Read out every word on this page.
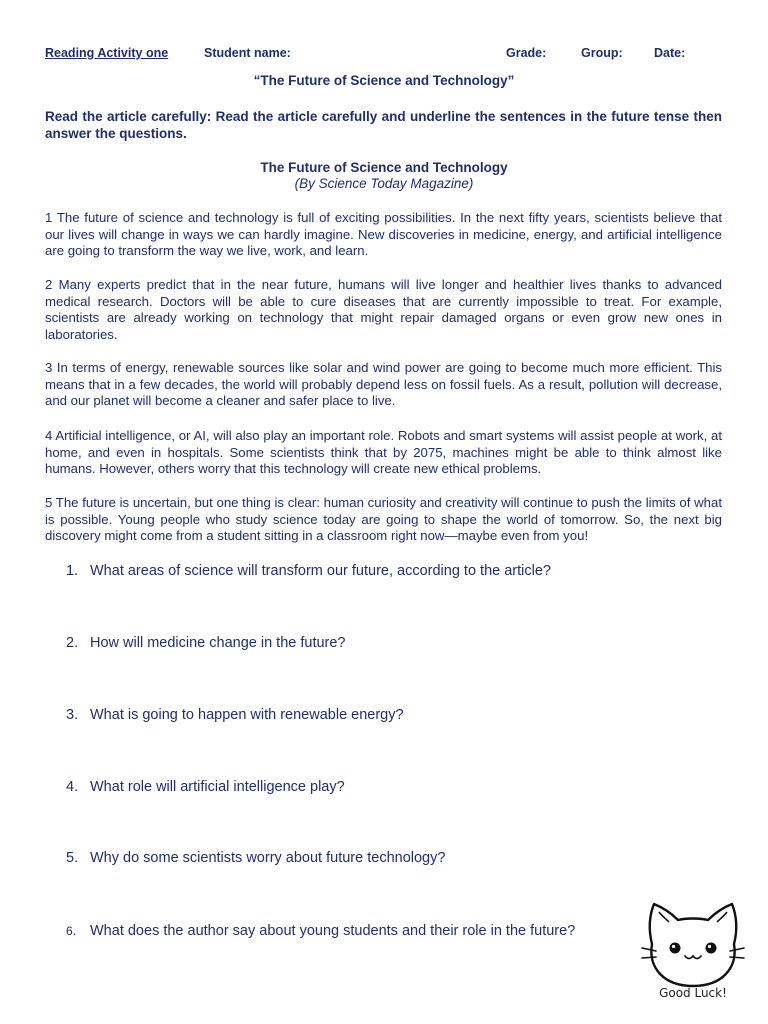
Reading Activity one	Student name:	Grade:	Group:	Date:
“The Future of Science and Technology”
Read the article carefully: Read the article carefully and underline the sentences in the future tense then answer the questions.
The Future of Science and Technology
(By Science Today Magazine)

1 The future of science and technology is full of exciting possibilities. In the next fifty years, scientists believe that our lives will change in ways we can hardly imagine. New discoveries in medicine, energy, and artificial intelligence are going to transform the way we live, work, and learn.

2 Many experts predict that in the near future, humans will live longer and healthier lives thanks to advanced medical research. Doctors will be able to cure diseases that are currently impossible to treat. For example, scientists are already working on technology that might repair damaged organs or even grow new ones in laboratories.

3 In terms of energy, renewable sources like solar and wind power are going to become much more efficient. This means that in a few decades, the world will probably depend less on fossil fuels. As a result, pollution will decrease, and our planet will become a cleaner and safer place to live.

4 Artificial intelligence, or AI, will also play an important role. Robots and smart systems will assist people at work, at home, and even in hospitals. Some scientists think that by 2075, machines might be able to think almost like humans. However, others worry that this technology will create new ethical problems.

5 The future is uncertain, but one thing is clear: human curiosity and creativity will continue to push the limits of what is possible. Young people who study science today are going to shape the world of tomorrow. So, the next big discovery might come from a student sitting in a classroom right now—maybe even from you!

1. What areas of science will transform our future, according to the article?
2. How will medicine change in the future?
3. What is going to happen with renewable energy?
4. What role will artificial intelligence play?
5. Why do some scientists worry about future technology?
6. What does the author say about young students and their role in the future?
Good Luck!
